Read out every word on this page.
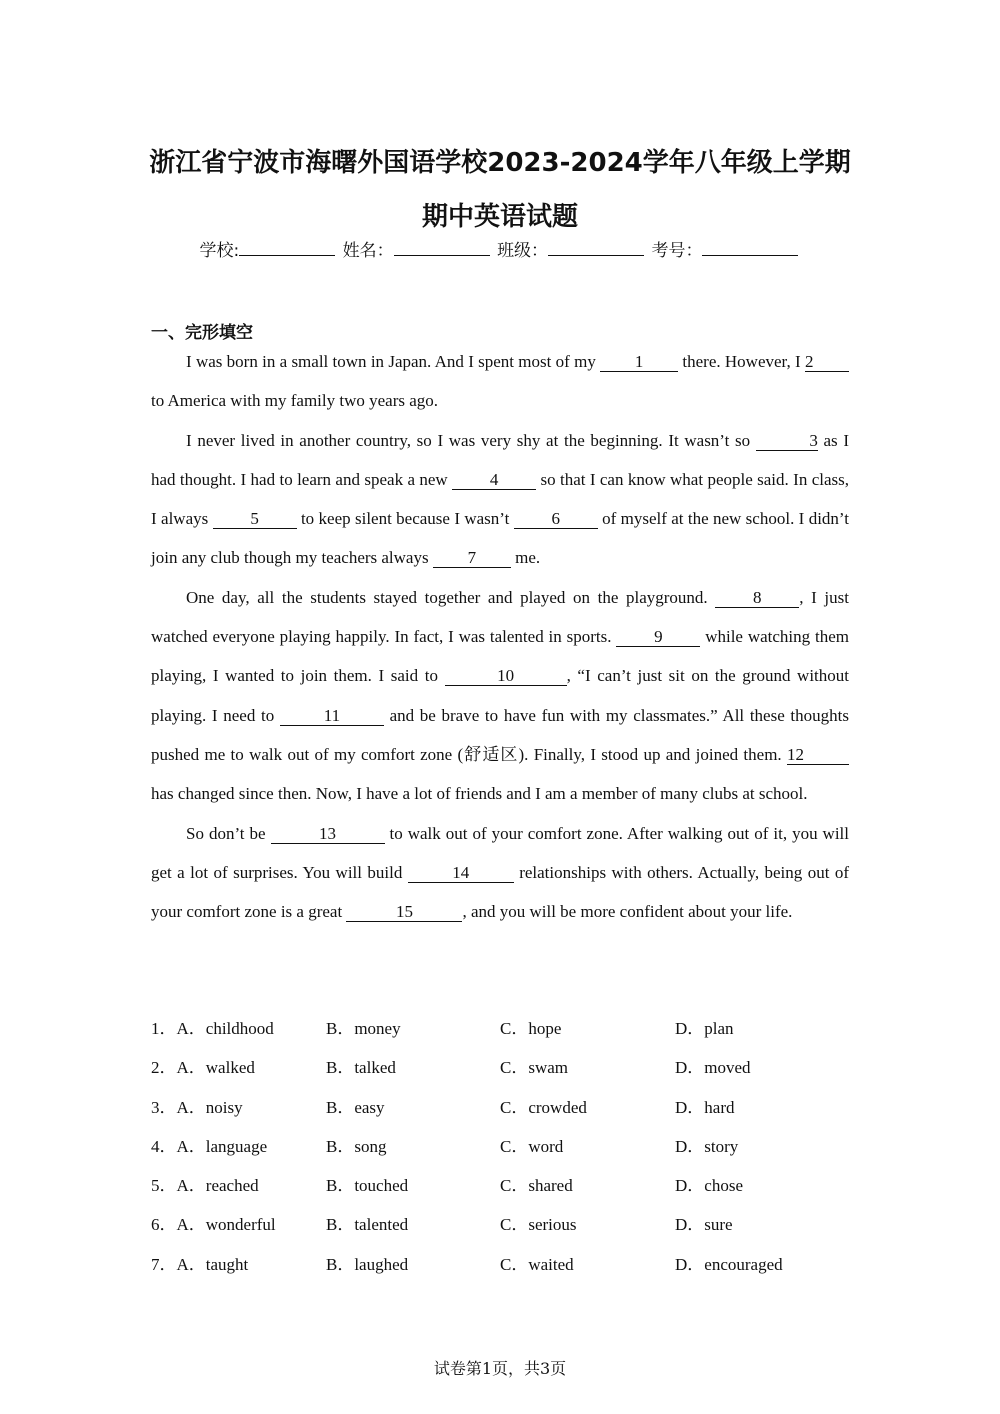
浙江省宁波市海曙外国语学校2023-2024学年八年级上学期
期中英语试题
学校:	姓名：	班级：	考号：
一、完形填空

I was born in a small town in Japan. And I spent most of my 1 there. However, I 2 to America with my family two years ago.

I never lived in another country, so I was very shy at the beginning. It wasn’t so	3 as I had thought. I had to learn and speak a new 4 so that I can know what people said. In class, I always 5 to keep silent because I wasn’t 6 of myself at the new school. I didn’t join any club though my teachers always 7 me.

One day, all the students stayed together and played on the playground. 8 , I just watched everyone playing happily. In fact, I was talented in sports. 9 while watching them playing, I wanted to join them. I said to	10	, “I can’t just sit on the ground without playing. I need to	11	and be brave to have fun with my classmates.” All these thoughts pushed me to walk out of my comfort zone (舒适区). Finally, I stood up and joined them. 12 has changed since then. Now, I have a lot of friends and I am a member of many clubs at school.

So don’t be	13	to walk out of your comfort zone. After walking out of it, you will get a lot of surprises. You will build	14	relationships with others. Actually, being out of your comfort zone is a great	15	, and you will be more confident about your life.

1．A．childhood	B．money	C．hope	D．plan
2．A．walked	B．talked	C．swam	D．moved
3．A．noisy	B．easy	C．crowded	D．hard
4．A．language	B．song	C．word	D．story
5．A．reached	B．touched	C．shared	D．chose
6．A．wonderful	B．talented	C．serious	D．sure
7．A．taught	B．laughed	C．waited	D．encouraged
试卷第1页，共3页
